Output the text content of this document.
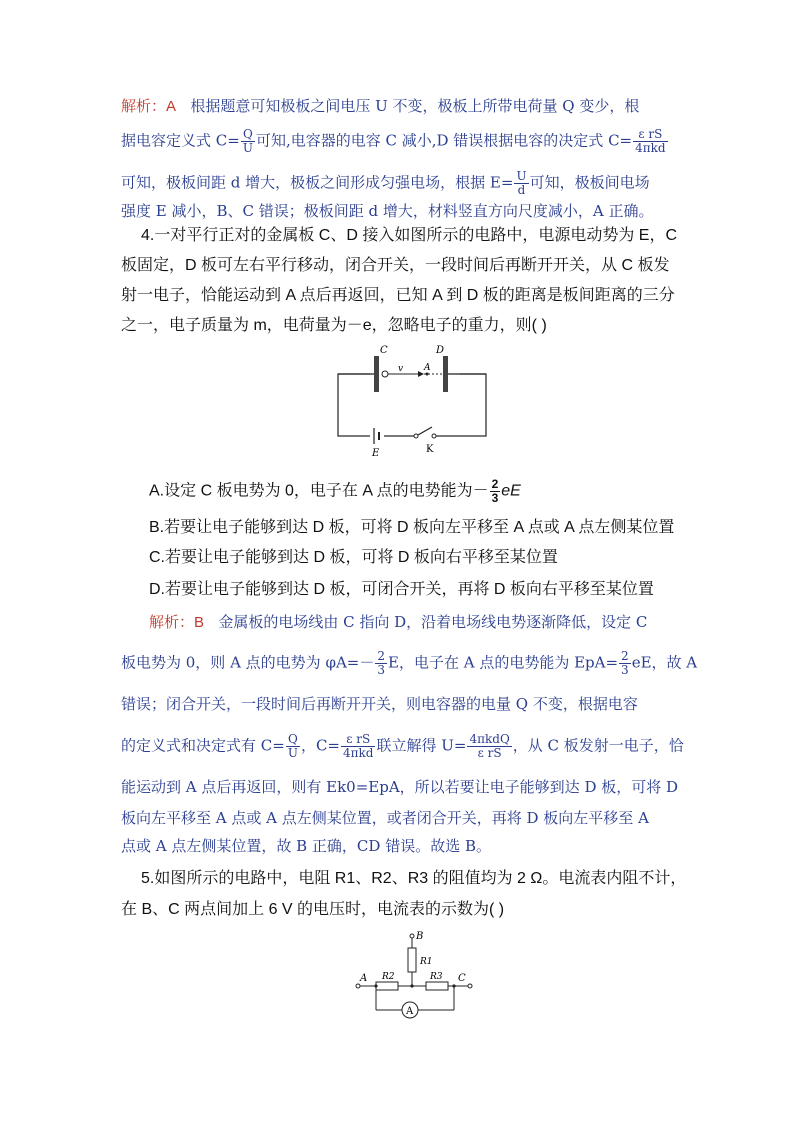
解析：A 根据题意可知极板之间电压 U 不变，极板上所带电荷量 Q 变少，根
据电容定义式 $C= \frac{Q}{U}$ 可知,电容器的电容 C 减小,D 错误根据电容的决定式 $C= \frac{\text{ε rS}}{\text{4πkd}}$
可知，极板间距 d 增大，极板之间形成匀强电场，根据 $E= \frac{U}{d}$ 可知，极板间电场
强度 E 减小，B、C 错误；极板间距 d 增大，材料竖直方向尺度减小，A 正确。
4.一对平行正对的金属板 C、D 接入如图所示的电路中，电源电动势为 E，C
板固定，D 板可左右平行移动，闭合开关，一段时间后再断开开关，从 C 板发
射一电子，恰能运动到 A 点后再返回，已知 A 到 D 板的距离是板间距离的三分
之一，电子质量为 m，电荷量为－e，忽略电子的重力，则( )
C	D
v A
E	K
A.设定 C 板电势为 0，电子在 A 点的电势能为－ $\frac{2}{3}$ eE
B.若要让电子能够到达 D 板，可将 D 板向左平移至 A 点或 A 点左侧某位置
C.若要让电子能够到达 D 板，可将 D 板向右平移至某位置
D.若要让电子能够到达 D 板，可闭合开关，再将 D 板向右平移至某位置
解析：B 金属板的电场线由 C 指向 D，沿着电场线电势逐渐降低，设定 C
板电势为 0，则 A 点的电势为 $\varphi A=- \frac{2}{3}$ E，电子在 A 点的电势能为 $EpA= \frac{2}{3}$ eE，故 A
错误；闭合开关，一段时间后再断开开关，则电容器的电量 Q 不变，根据电容
的定义式和决定式有 $C= \frac{Q}{U}$ ，$C= \frac{\text{ε rS}}{\text{4πkd}}$ 联立解得 $U= \frac{\text{4πkdQ}}{\text{ε rS}}$ ，从 C 板发射一电子，恰
能运动到 A 点后再返回，则有 Ek0=EpA，所以若要让电子能够到达 D 板，可将 D
板向左平移至 A 点或 A 点左侧某位置，或者闭合开关，再将 D 板向左平移至 A
点或 A 点左侧某位置，故 B 正确，CD 错误。故选 B。
5.如图所示的电路中，电阻 R1、R2、R3 的阻值均为 2 Ω。电流表内阻不计，
在 B、C 两点间加上 6 V 的电压时，电流表的示数为( )
B
R1
R2	R3
A	C
A
